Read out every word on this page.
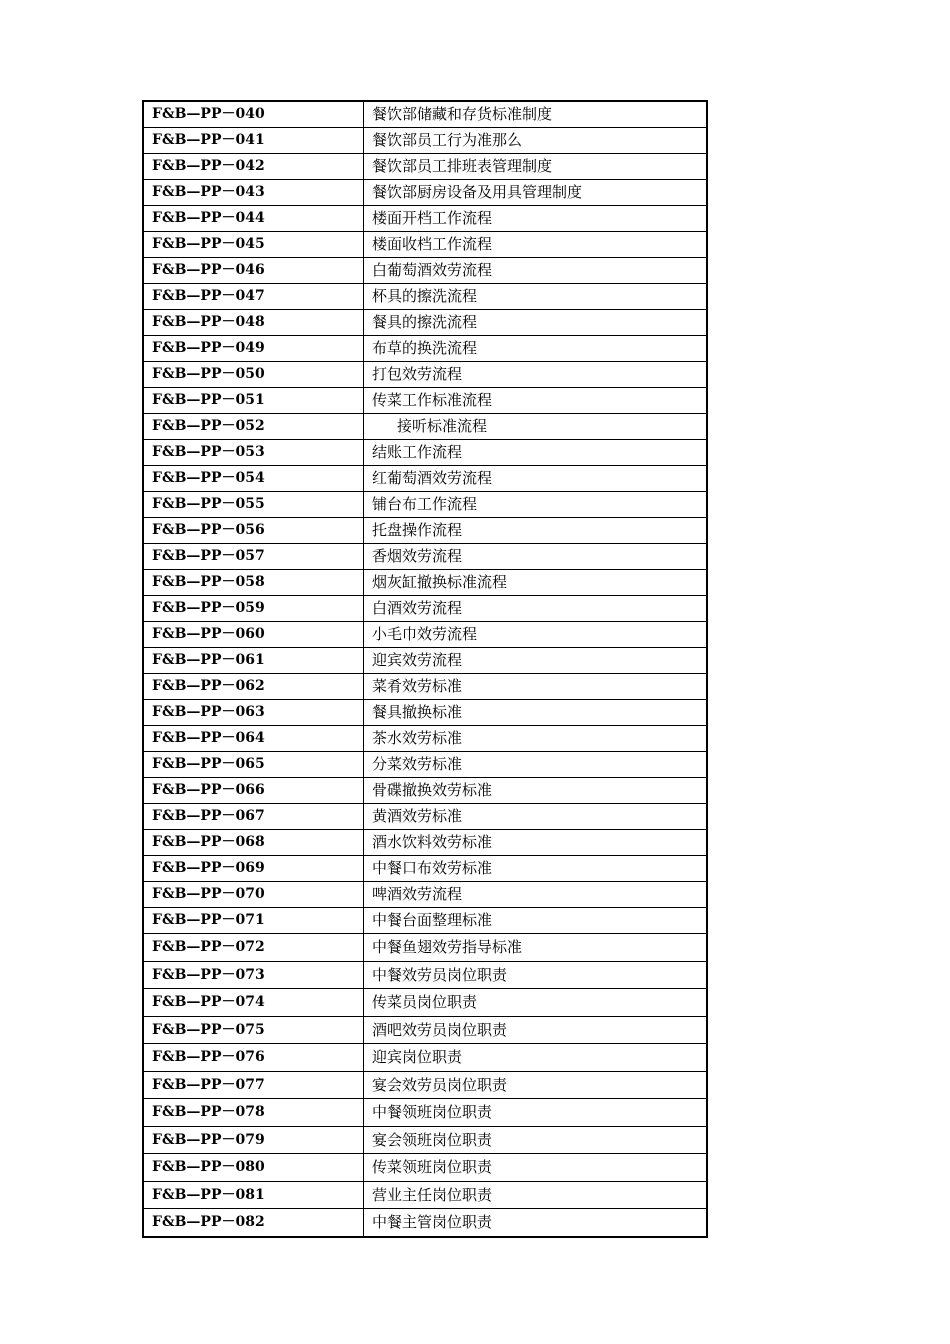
F&B—PP－040	餐饮部储藏和存货标准制度
F&B—PP－041	餐饮部员工行为准那么
F&B—PP－042	餐饮部员工排班表管理制度
F&B—PP－043	餐饮部厨房设备及用具管理制度
F&B—PP－044	楼面开档工作流程
F&B—PP－045	楼面收档工作流程
F&B—PP－046	白葡萄酒效劳流程
F&B—PP－047	杯具的擦洗流程
F&B—PP－048	餐具的擦洗流程
F&B—PP－049	布草的换洗流程
F&B—PP－050	打包效劳流程
F&B—PP－051	传菜工作标准流程
F&B—PP－052	接听标准流程
F&B—PP－053	结账工作流程
F&B—PP－054	红葡萄酒效劳流程
F&B—PP－055	铺台布工作流程
F&B—PP－056	托盘操作流程
F&B—PP－057	香烟效劳流程
F&B—PP－058	烟灰缸撤换标准流程
F&B—PP－059	白酒效劳流程
F&B—PP－060	小毛巾效劳流程
F&B—PP－061	迎宾效劳流程
F&B—PP－062	菜肴效劳标准
F&B—PP－063	餐具撤换标准
F&B—PP－064	茶水效劳标准
F&B—PP－065	分菜效劳标准
F&B—PP－066	骨碟撤换效劳标准
F&B—PP－067	黄酒效劳标准
F&B—PP－068	酒水饮料效劳标准
F&B—PP－069	中餐口布效劳标准
F&B—PP－070	啤酒效劳流程
F&B—PP－071	中餐台面整理标准
F&B—PP－072	中餐鱼翅效劳指导标准
F&B—PP－073	中餐效劳员岗位职责
F&B—PP－074	传菜员岗位职责
F&B—PP－075	酒吧效劳员岗位职责
F&B—PP－076	迎宾岗位职责
F&B—PP－077	宴会效劳员岗位职责
F&B—PP－078	中餐领班岗位职责
F&B—PP－079	宴会领班岗位职责
F&B—PP－080	传菜领班岗位职责
F&B—PP－081	营业主任岗位职责
F&B—PP－082	中餐主管岗位职责
